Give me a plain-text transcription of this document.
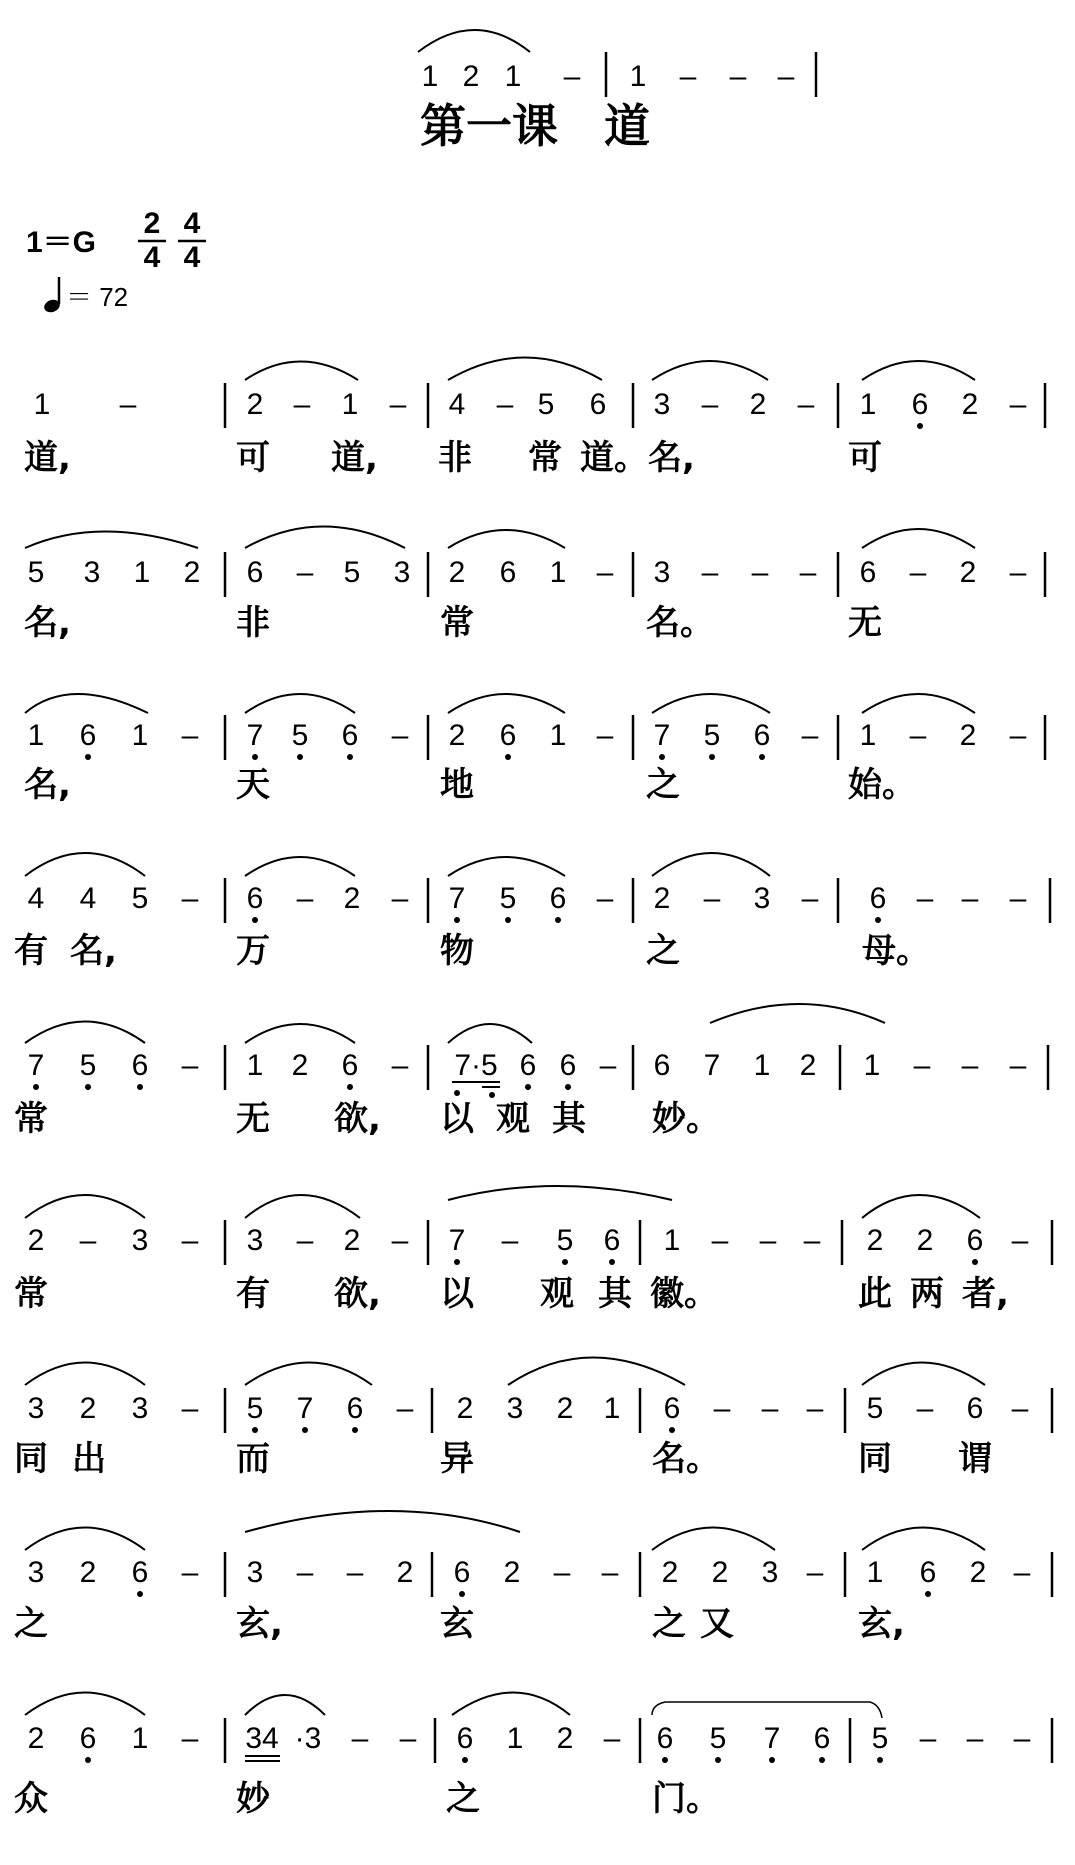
1 2 1 – 1 – – –
第一课　道
1＝G
2
4
4
4
＝ 72
1 –	2 – 1 – 4 – 5 6 3 – 2 – 1 6 2 –
道,	可 道, 非 常 道。名,	可
5 3 1 2 6 – 5 3 2 6 1 – 3 – – – 6 – 2 –
名,	非	常	名。	无
1 6 1 – 7 5 6 – 2 6 1 – 7 5 6 – 1 – 2 –
名,	天	地	之	始。
4 4 5 – 6 – 2 – 7 5 6 – 2 – 3 – 6 – – –
有 名,	万	物	之	母。
7 5 6 – 1 2 6 – 7·5 6 6 – 6 7 1 2 1 – – –
常	无 欲, 以 观 其 妙。
2 – 3 – 3 – 2 – 7 – 5 6 1 – – – 2 2 6 –
常	有 欲, 以 观 其 徽。	此 两 者,
3 2 3 – 5 7 6 – 2 3 2 1 6 – – – 5 – 6 –
同 出	而	异	名。	同 谓
3 2 6 – 3 – – 2 6 2 – – 2 2 3 – 1 6 2 –
之	玄,	玄	之 又	玄,
2 6 1 – 34 ·3 – – 6 1 2 – 6 5 7 6 5 – – –
众	妙	之	门。
